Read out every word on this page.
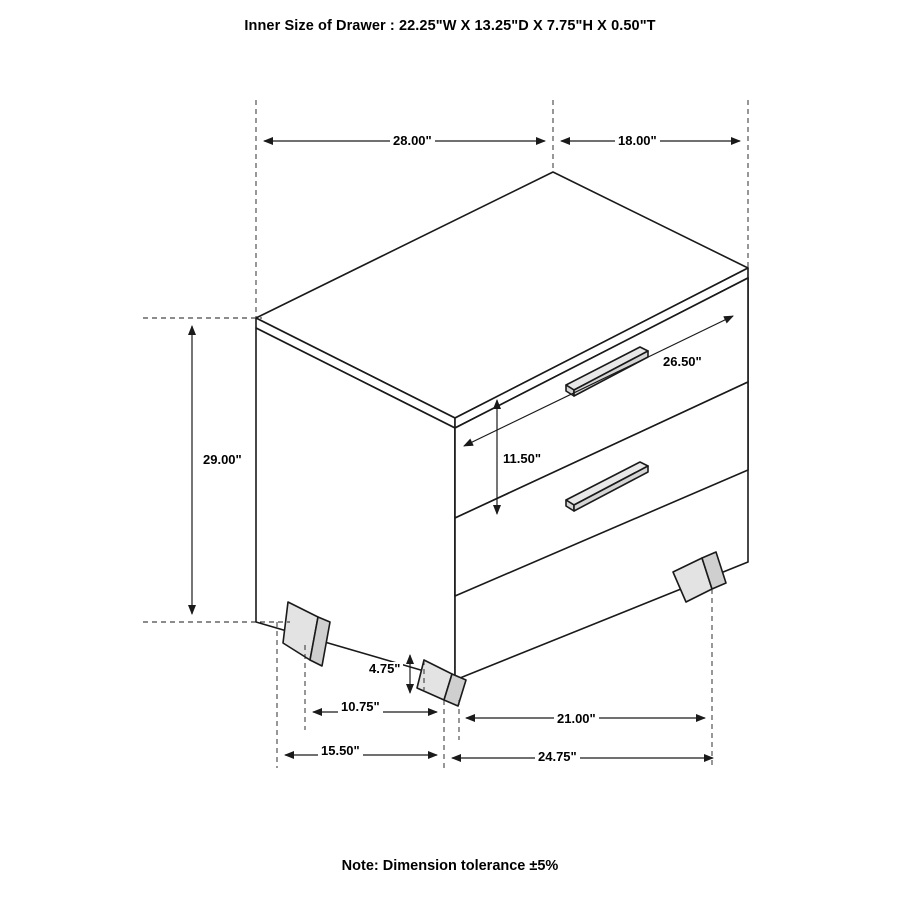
Inner Size of Drawer : 22.25"W X 13.25"D X 7.75"H X 0.50"T
28.00"	18.00"
29.00"
26.50"
11.50"
4.75"
10.75"
21.00"
15.50"	24.75"
Note: Dimension tolerance ±5%
